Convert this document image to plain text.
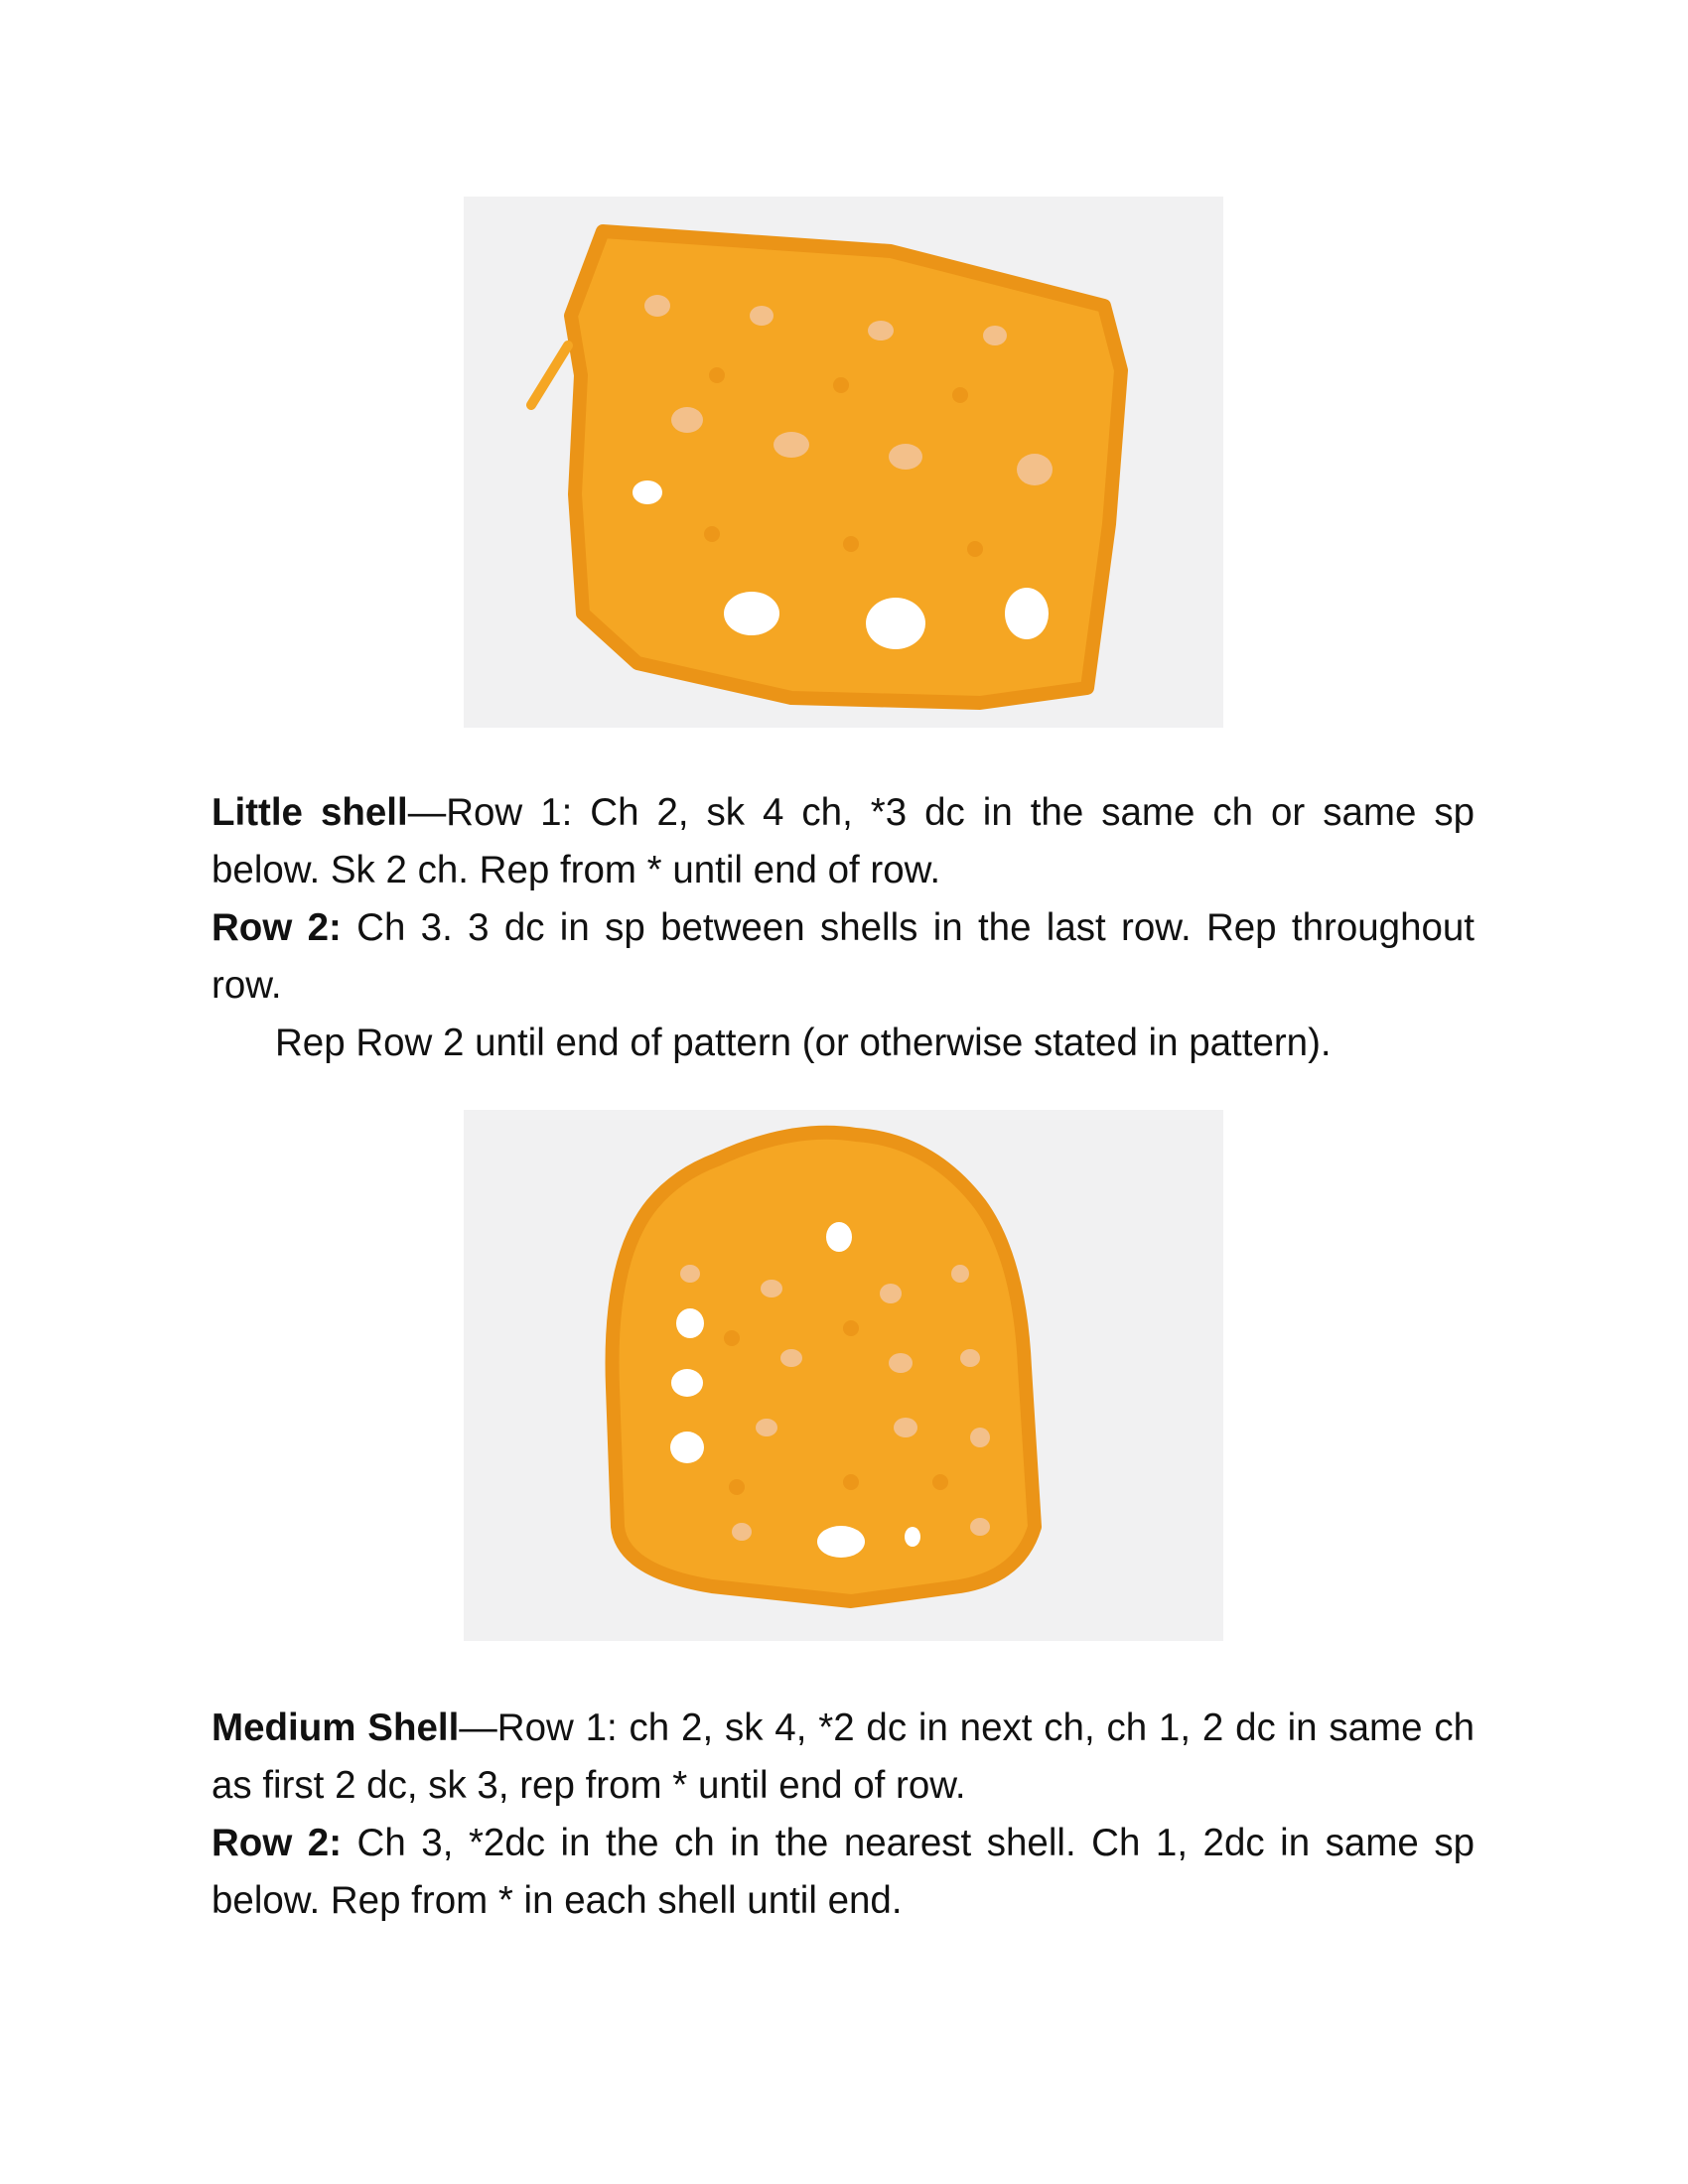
Little shell—Row 1: Ch 2, sk 4 ch, *3 dc in the same ch or same sp below. Sk 2 ch. Rep from * until end of row.

Row 2: Ch 3. 3 dc in sp between shells in the last row. Rep throughout row.

Rep Row 2 until end of pattern (or otherwise stated in pattern).

Medium Shell—Row 1: ch 2, sk 4, *2 dc in next ch, ch 1, 2 dc in same ch as first 2 dc, sk 3, rep from * until end of row.

Row 2: Ch 3, *2dc in the ch in the nearest shell. Ch 1, 2dc in same sp below. Rep from * in each shell until end.
